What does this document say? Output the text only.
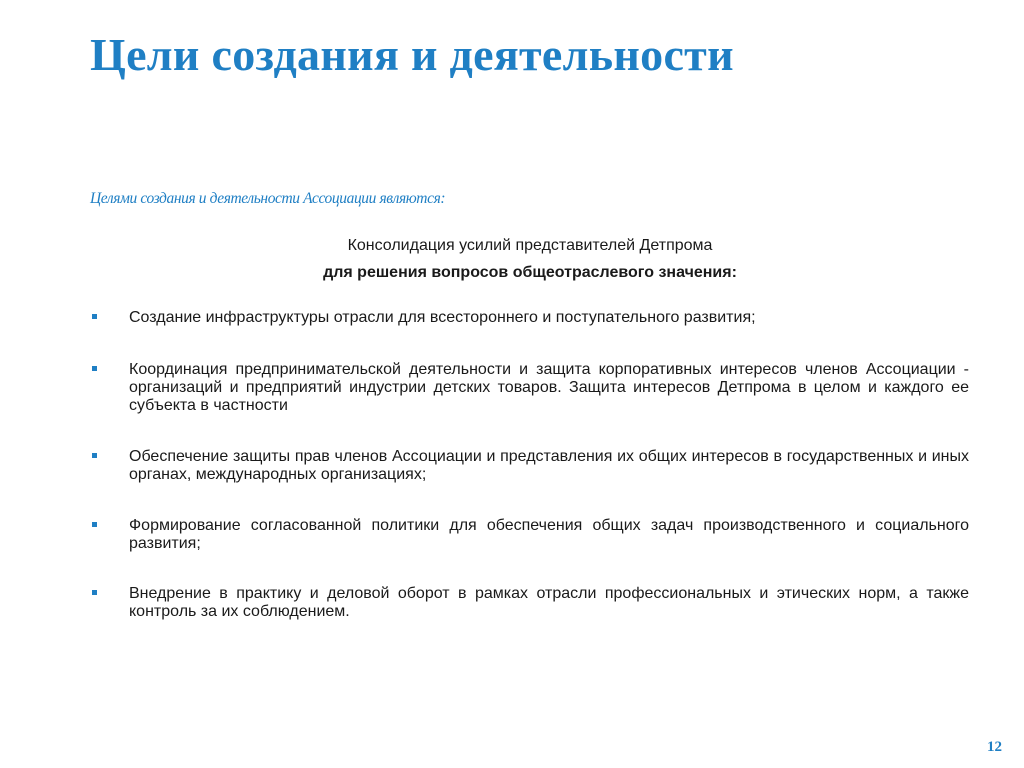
Цели создания и деятельности
Целями создания и деятельности Ассоциации являются:
Консолидация усилий представителей Детпрома
для решения вопросов общеотраслевого значения:
Создание инфраструктуры отрасли для всестороннего и поступательного развития;
Координация предпринимательской деятельности и защита корпоративных интересов членов Ассоциации - организаций и предприятий индустрии детских товаров. Защита интересов Детпрома в целом и каждого ее субъекта в частности
Обеспечение защиты прав членов Ассоциации и представления их общих интересов в государственных и иных органах, международных организациях;
Формирование согласованной политики для обеспечения общих задач производственного и социального развития;
Внедрение в практику и деловой оборот в рамках отрасли профессиональных и этических норм, а также контроль за их соблюдением.
12
